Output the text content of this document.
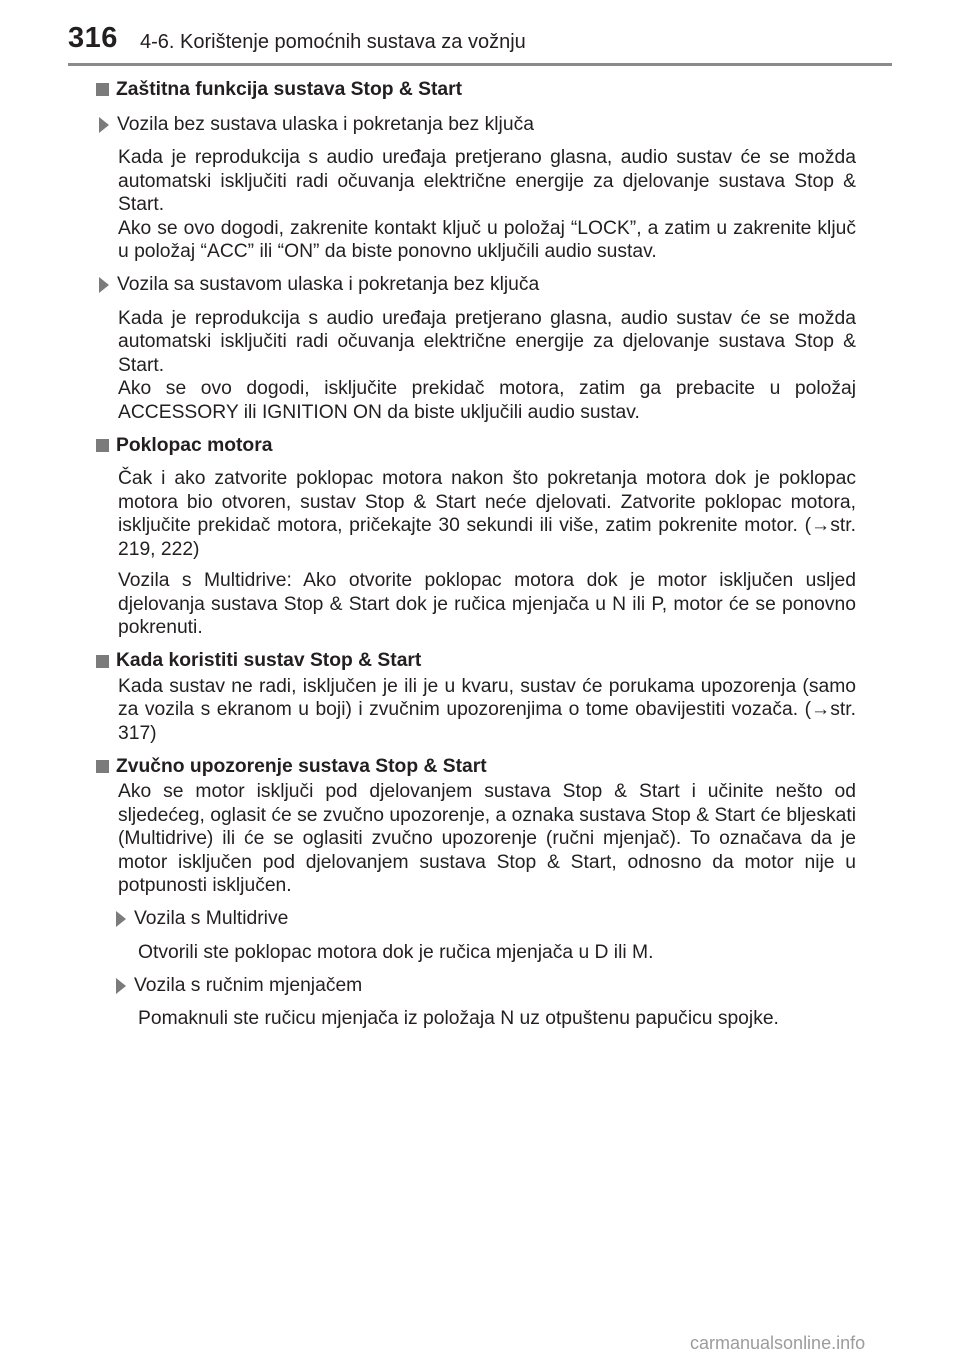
316 4-6. Korištenje pomoćnih sustava za vožnju
Zaštitna funkcija sustava Stop & Start
Vozila bez sustava ulaska i pokretanja bez ključa

Kada je reprodukcija s audio uređaja pretjerano glasna, audio sustav će se možda automatski isključiti radi očuvanja električne energije za djelovanje sustava Stop & Start.

Ako se ovo dogodi, zakrenite kontakt ključ u položaj “LOCK”, a zatim u zakrenite ključ u položaj “ACC” ili “ON” da biste ponovno uključili audio sustav.

Vozila sa sustavom ulaska i pokretanja bez ključa

Kada je reprodukcija s audio uređaja pretjerano glasna, audio sustav će se možda automatski isključiti radi očuvanja električne energije za djelovanje sustava Stop & Start.

Ako se ovo dogodi, isključite prekidač motora, zatim ga prebacite u položaj ACCESSORY ili IGNITION ON da biste uključili audio sustav.

Poklopac motora

Čak i ako zatvorite poklopac motora nakon što pokretanja motora dok je poklopac motora bio otvoren, sustav Stop & Start neće djelovati. Zatvorite poklopac motora, isključite prekidač motora, pričekajte 30 sekundi ili više, zatim pokrenite motor. (→str. 219, 222)

Vozila s Multidrive: Ako otvorite poklopac motora dok je motor isključen usljed djelovanja sustava Stop & Start dok je ručica mjenjača u N ili P, motor će se ponovno pokrenuti.

Kada koristiti sustav Stop & Start

Kada sustav ne radi, isključen je ili je u kvaru, sustav će porukama upozorenja (samo za vozila s ekranom u boji) i zvučnim upozorenjima o tome obavijestiti vozača. (→str. 317)

Zvučno upozorenje sustava Stop & Start

Ako se motor isključi pod djelovanjem sustava Stop & Start i učinite nešto od sljedećeg, oglasit će se zvučno upozorenje, a oznaka sustava Stop & Start će bljeskati (Multidrive) ili će se oglasiti zvučno upozorenje (ručni mjenjač). To označava da je motor isključen pod djelovanjem sustava Stop & Start, odnosno da motor nije u potpunosti isključen.

Vozila s Multidrive

Otvorili ste poklopac motora dok je ručica mjenjača u D ili M.

Vozila s ručnim mjenjačem

Pomaknuli ste ručicu mjenjača iz položaja N uz otpuštenu papučicu spojke.

carmanualsonline.info
